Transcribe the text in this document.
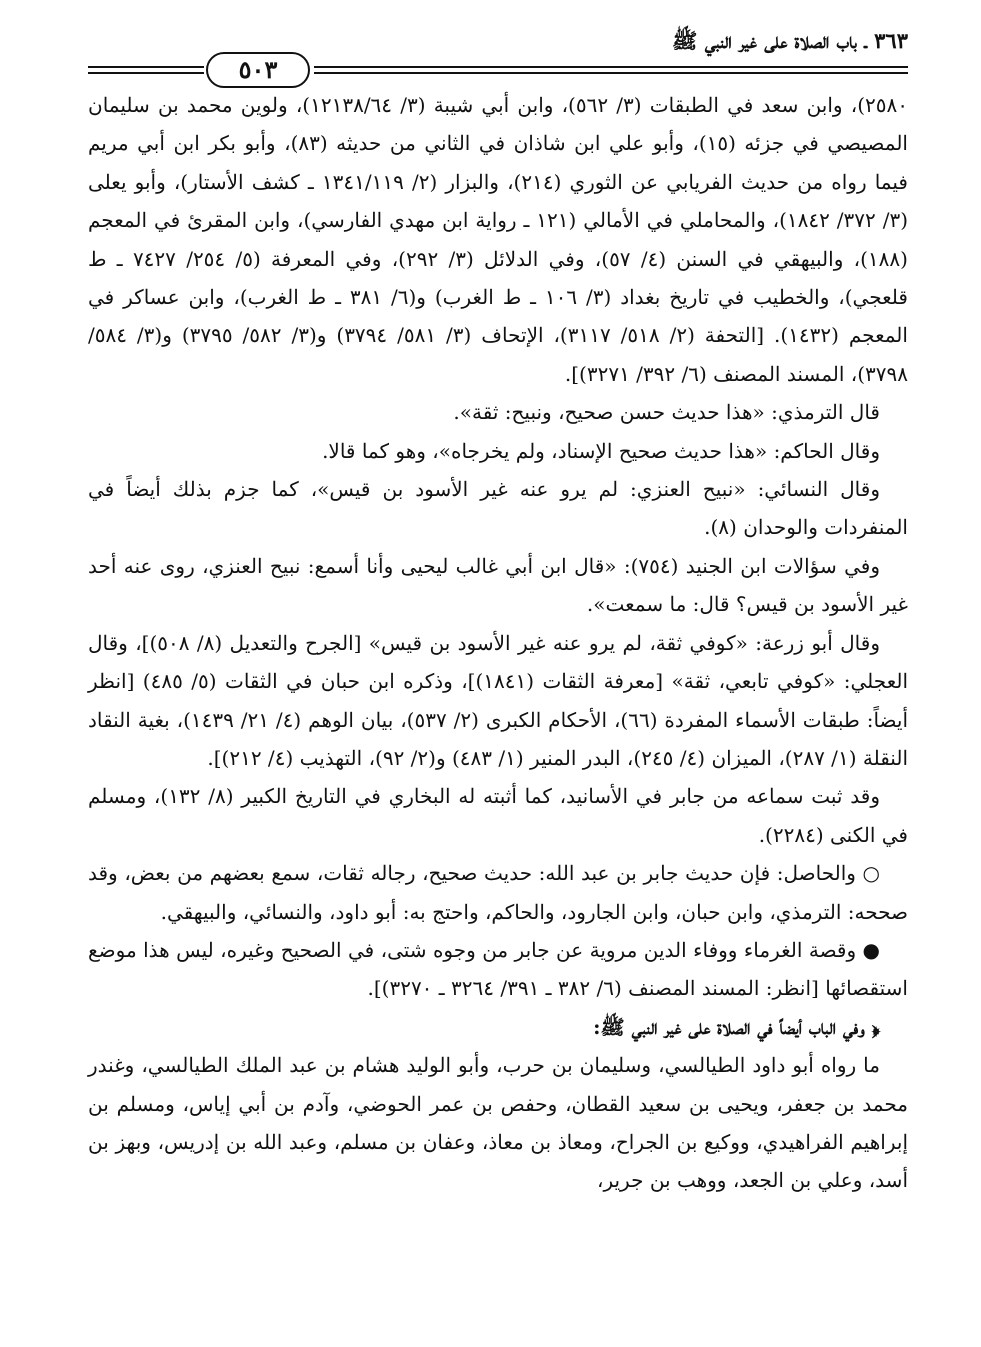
٣٦٣ ـ باب الصلاة على غير النبي ﷺ
٥٠٣

٢٥٨٠)، وابن سعد في الطبقات (٣/ ٥٦٢)، وابن أبي شيبة (٣/ ١٢١٣٨/٦٤)، ولوين محمد بن سليمان المصيصي في جزئه (١٥)، وأبو علي ابن شاذان في الثاني من حديثه (٨٣)، وأبو بكر ابن أبي مريم فيما رواه من حديث الفريابي عن الثوري (٢١٤)، والبزار (٢/ ١٣٤١/١١٩ ـ كشف الأستار)، وأبو يعلى (٣/ ٣٧٢/ ١٨٤٢)، والمحاملي في الأمالي (١٢١ ـ رواية ابن مهدي الفارسي)، وابن المقرئ في المعجم (١٨٨)، والبيهقي في السنن (٤/ ٥٧)، وفي الدلائل (٣/ ٢٩٢)، وفي المعرفة (٥/ ٢٥٤/ ٧٤٢٧ ـ ط قلعجي)، والخطيب في تاريخ بغداد (٣/ ١٠٦ ـ ط الغرب) و(٦/ ٣٨١ ـ ط الغرب)، وابن عساكر في المعجم (١٤٣٢). [التحفة (٢/ ٥١٨/ ٣١١٧)، الإتحاف (٣/ ٥٨١/ ٣٧٩٤) و(٣/ ٥٨٢/ ٣٧٩٥) و(٣/ ٥٨٤/ ٣٧٩٨)، المسند المصنف (٦/ ٣٩٢/ ٣٢٧١)].

قال الترمذي: «هذا حديث حسن صحيح، ونبيح: ثقة».

وقال الحاكم: «هذا حديث صحيح الإسناد، ولم يخرجاه»، وهو كما قالا.

وقال النسائي: «نبيح العنزي: لم يرو عنه غير الأسود بن قيس»، كما جزم بذلك أيضاً في المنفردات والوحدان (٨).

وفي سؤالات ابن الجنيد (٧٥٤): «قال ابن أبي غالب ليحيى وأنا أسمع: نبيح العنزي، روى عنه أحد غير الأسود بن قيس؟ قال: ما سمعت».

وقال أبو زرعة: «كوفي ثقة، لم يرو عنه غير الأسود بن قيس» [الجرح والتعديل (٨/ ٥٠٨)]، وقال العجلي: «كوفي تابعي، ثقة» [معرفة الثقات (١٨٤١)]، وذكره ابن حبان في الثقات (٥/ ٤٨٥) [انظر أيضاً: طبقات الأسماء المفردة (٦٦)، الأحكام الكبرى (٢/ ٥٣٧)، بيان الوهم (٤/ ٢١/ ١٤٣٩)، بغية النقاد النقلة (١/ ٢٨٧)، الميزان (٤/ ٢٤٥)، البدر المنير (١/ ٤٨٣) و(٢/ ٩٢)، التهذيب (٤/ ٢١٢)].

وقد ثبت سماعه من جابر في الأسانيد، كما أثبته له البخاري في التاريخ الكبير (٨/ ١٣٢)، ومسلم في الكنى (٢٢٨٤).

○ والحاصل: فإن حديث جابر بن عبد الله: حديث صحيح، رجاله ثقات، سمع بعضهم من بعض، وقد صححه: الترمذي، وابن حبان، وابن الجارود، والحاكم، واحتج به: أبو داود، والنسائي، والبيهقي.

● وقصة الغرماء ووفاء الدين مروية عن جابر من وجوه شتى، في الصحيح وغيره، ليس هذا موضع استقصائها [انظر: المسند المصنف (٦/ ٣٨٢ ـ ٣٩١/ ٣٢٦٤ ـ ٣٢٧٠)].

﴿ وفي الباب أيضاً في الصلاة على غير النبي ﷺ:

ما رواه أبو داود الطيالسي، وسليمان بن حرب، وأبو الوليد هشام بن عبد الملك الطيالسي، وغندر محمد بن جعفر، ويحيى بن سعيد القطان، وحفص بن عمر الحوضي، وآدم بن أبي إياس، ومسلم بن إبراهيم الفراهيدي، ووكيع بن الجراح، ومعاذ بن معاذ، وعفان بن مسلم، وعبد الله بن إدريس، وبهز بن أسد، وعلي بن الجعد، ووهب بن جرير،
